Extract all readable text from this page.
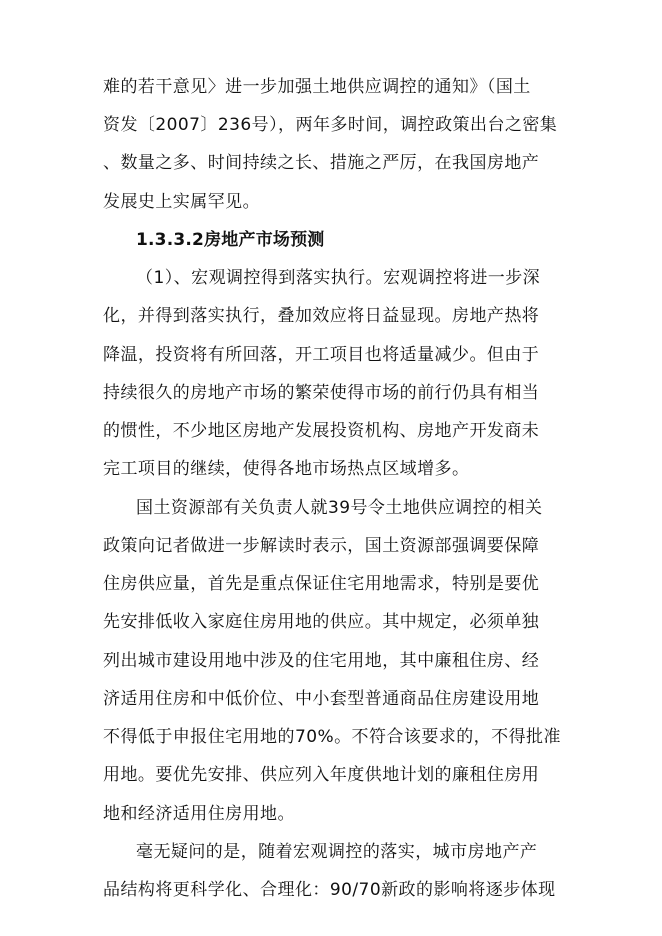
难的若干意见〉进一步加强土地供应调控的通知》（国土
资发〔2007〕236号），两年多时间，调控政策出台之密集
、数量之多、时间持续之长、措施之严厉，在我国房地产
发展史上实属罕见。
1.3.3.2房地产市场预测
（1）、宏观调控得到落实执行。宏观调控将进一步深
化，并得到落实执行，叠加效应将日益显现。房地产热将
降温，投资将有所回落，开工项目也将适量减少。但由于
持续很久的房地产市场的繁荣使得市场的前行仍具有相当
的惯性，不少地区房地产发展投资机构、房地产开发商未
完工项目的继续，使得各地市场热点区域增多。
国土资源部有关负责人就39号令土地供应调控的相关
政策向记者做进一步解读时表示，国土资源部强调要保障
住房供应量，首先是重点保证住宅用地需求，特别是要优
先安排低收入家庭住房用地的供应。其中规定，必须单独
列出城市建设用地中涉及的住宅用地，其中廉租住房、经
济适用住房和中低价位、中小套型普通商品住房建设用地
不得低于申报住宅用地的70%。不符合该要求的，不得批准
用地。要优先安排、供应列入年度供地计划的廉租住房用
地和经济适用住房用地。
毫无疑问的是，随着宏观调控的落实，城市房地产产
品结构将更科学化、合理化：90/70新政的影响将逐步体现
